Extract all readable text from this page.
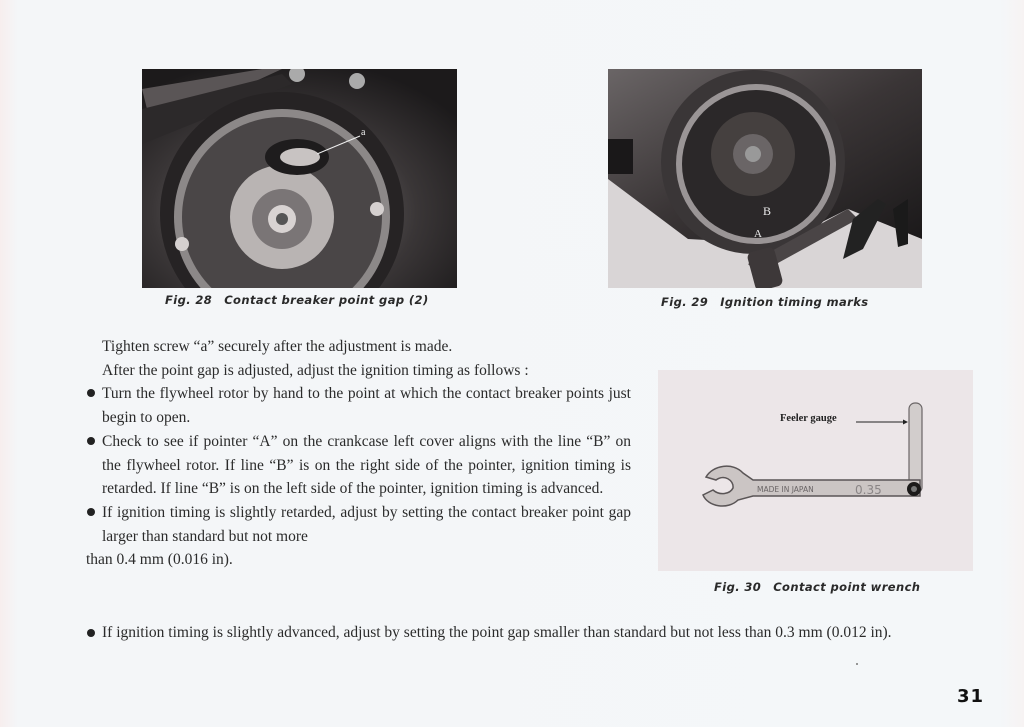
a
Fig. 28 Contact breaker point gap (2)
B
A
Fig. 29 Ignition timing marks
MADE IN JAPAN	0.35
Feeler gauge
Fig. 30 Contact point wrench

Tighten screw “a” securely after the adjustment is made.

After the point gap is adjusted, adjust the ignition timing as follows :

Turn the flywheel rotor by hand to the point at which the contact breaker points just begin to open.
Check to see if pointer “A” on the crankcase left cover aligns with the line “B” on the flywheel rotor. If line “B” is on the right side of the pointer, ignition timing is retarded. If line “B” is on the left side of the pointer, ignition timing is advanced.
If ignition timing is slightly retarded, adjust by setting the contact breaker point gap larger than standard but not more

than 0.4 mm (0.016 in).

If ignition timing is slightly advanced, adjust by setting the point gap smaller than standard but not less than 0.3 mm (0.012 in).
31
